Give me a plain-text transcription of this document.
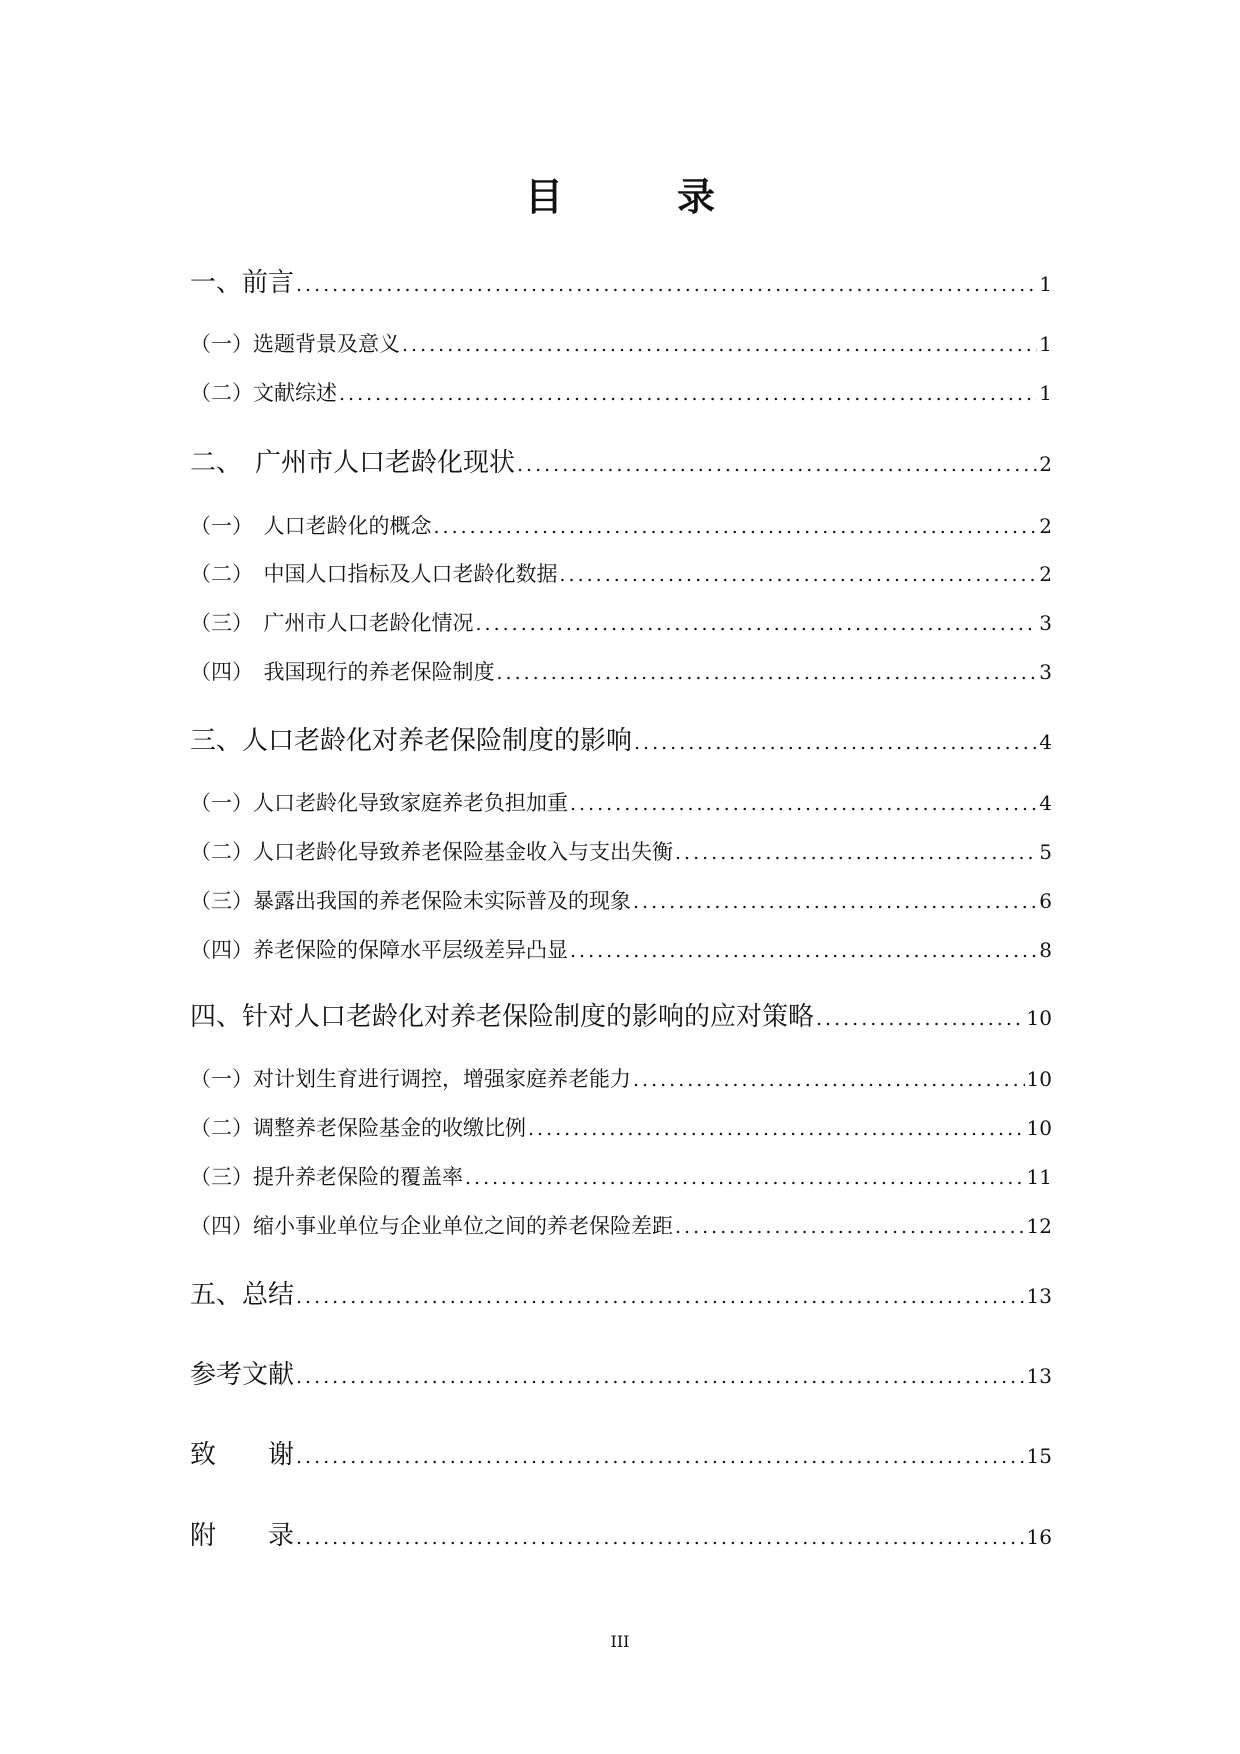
目　录
一、前言 .....	1
（一）选题背景及意义 .....	1
（二）文献综述 .....	1
二、　广州市人口老龄化现状 .....	2
（一）　人口老龄化的概念 .....	2
（二）　中国人口指标及人口老龄化数据 .....	2
（三）　广州市人口老龄化情况 .....	3
（四）　我国现行的养老保险制度 .....	3
三、人口老龄化对养老保险制度的影响 .....	4
（一）人口老龄化导致家庭养老负担加重 .....	4
（二）人口老龄化导致养老保险基金收入与支出失衡 .....	5
（三）暴露出我国的养老保险未实际普及的现象 .....	6
（四）养老保险的保障水平层级差异凸显 .....	8
四、针对人口老龄化对养老保险制度的影响的应对策略 .....	10
（一）对计划生育进行调控，增强家庭养老能力 .....	10
（二）调整养老保险基金的收缴比例 .....	10
（三）提升养老保险的覆盖率 .....	11
（四）缩小事业单位与企业单位之间的养老保险差距 .....	12
五、总结 .....	13
参考文献 .....	13
致　　谢 .....	15
附　　录 .....	16
III
